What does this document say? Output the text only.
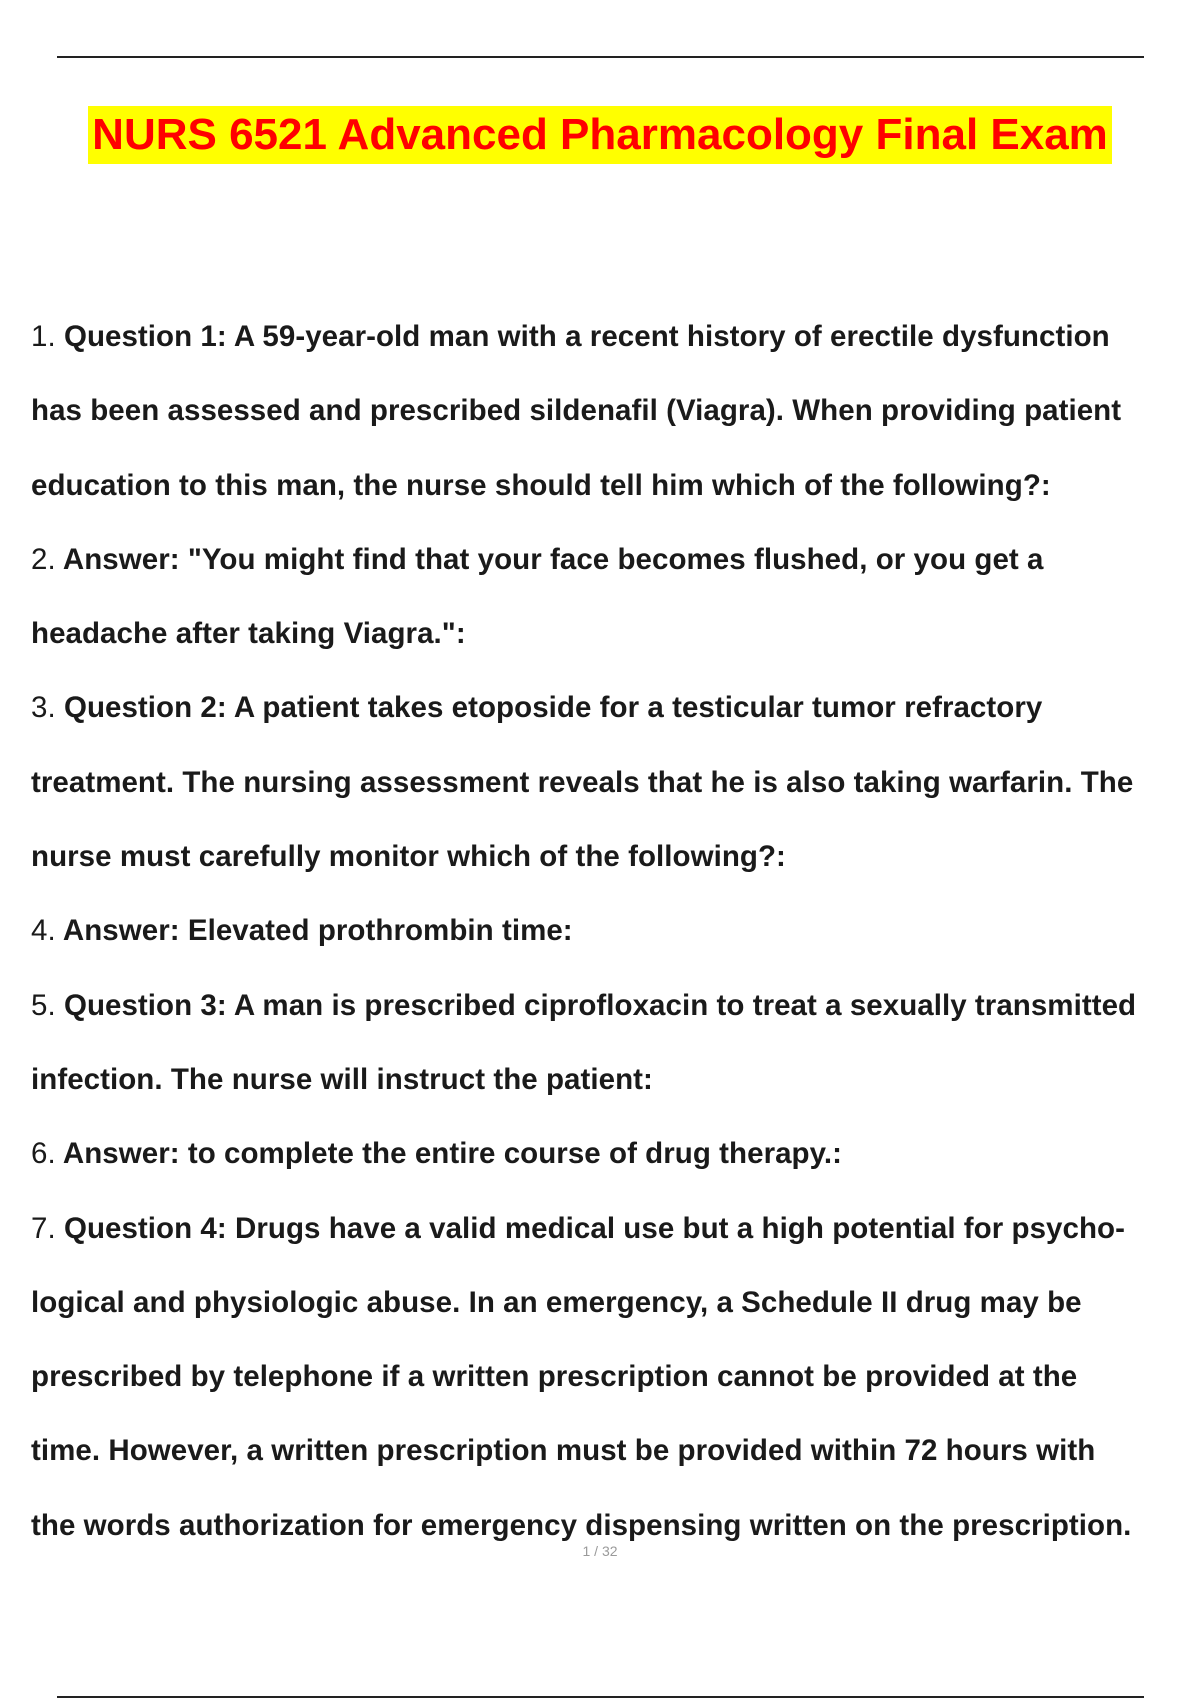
NURS 6521 Advanced Pharmacology Final Exam
1. Question 1: A 59-year-old man with a recent history of erectile dysfunction
has been assessed and prescribed sildenafil (Viagra). When providing patient
education to this man, the nurse should tell him which of the following?:
2. Answer: "You might find that your face becomes flushed, or you get a
headache after taking Viagra.":
3. Question 2: A patient takes etoposide for a testicular tumor refractory
treatment. The nursing assessment reveals that he is also taking warfarin. The
nurse must carefully monitor which of the following?:
4. Answer: Elevated prothrombin time:
5. Question 3: A man is prescribed ciprofloxacin to treat a sexually transmitted
infection. The nurse will instruct the patient:
6. Answer: to complete the entire course of drug therapy.:
7. Question 4: Drugs have a valid medical use but a high potential for psycho-
logical and physiologic abuse. In an emergency, a Schedule II drug may be
prescribed by telephone if a written prescription cannot be provided at the
time. However, a written prescription must be provided within 72 hours with
the words authorization for emergency dispensing written on the prescription.
1 / 32
